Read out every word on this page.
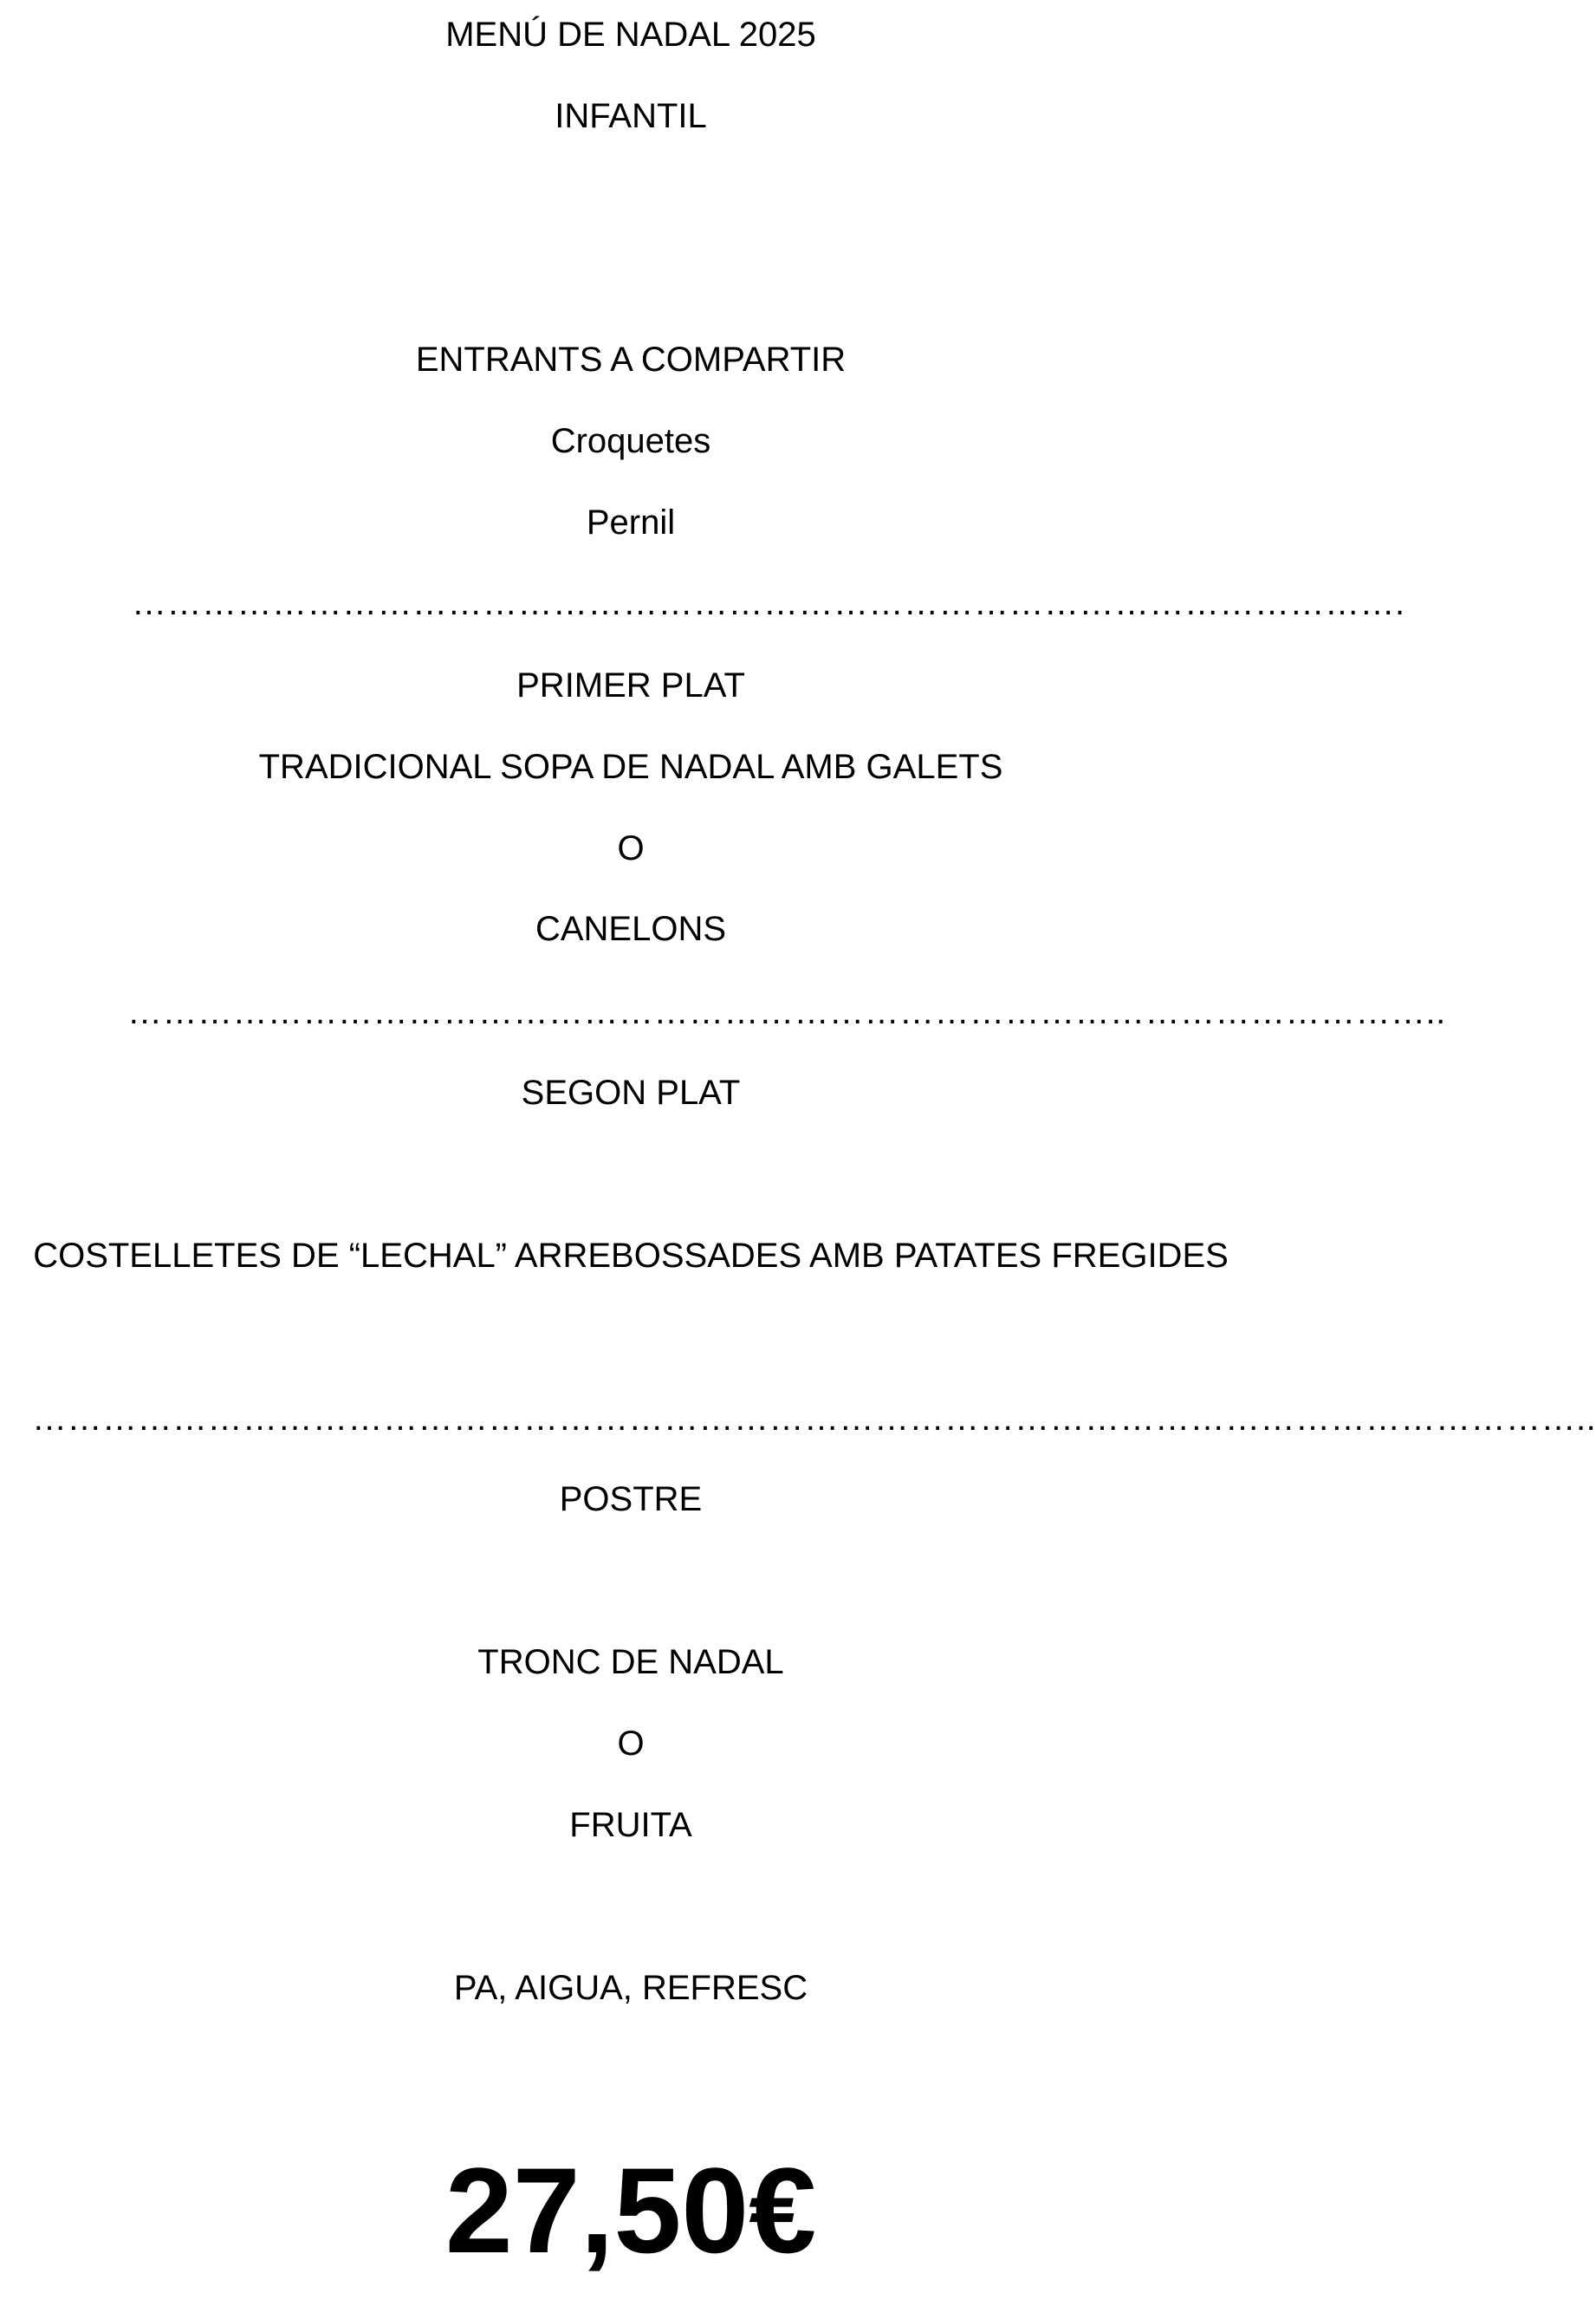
MENÚ DE NADAL 2025
INFANTIL
ENTRANTS A COMPARTIR
Croquetes
Pernil
……………………………………………………………………………………………….
PRIMER PLAT
TRADICIONAL SOPA DE NADAL AMB GALETS
O
CANELONS
…………………………………………………………………………………………………..
SEGON PLAT
COSTELLETES DE “LECHAL” ARREBOSSADES AMB PATATES FREGIDES
……………………………………………………………………………………………………………………..
POSTRE
TRONC DE NADAL
O
FRUITA
PA, AIGUA, REFRESC
27,50€
